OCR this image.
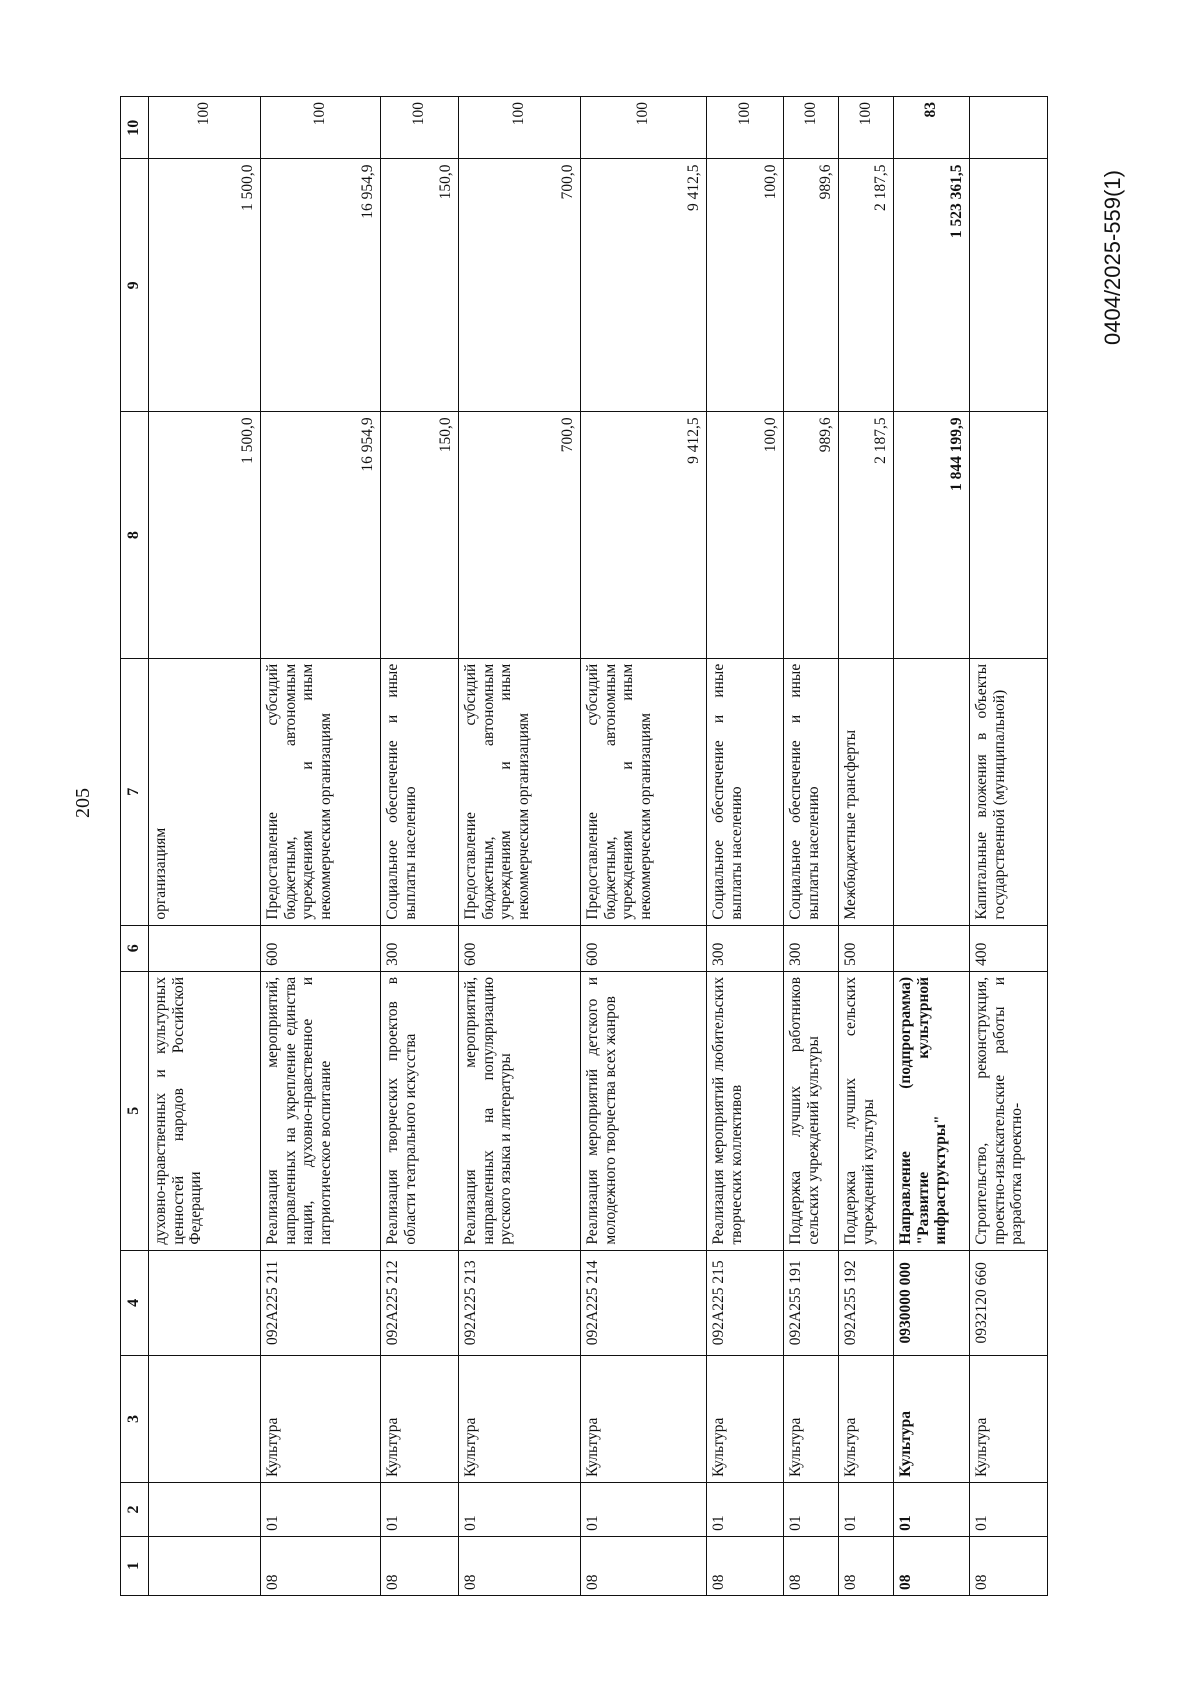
205
1	2	3	4	5	6	7	8	9	10
				духовно-нравственных и культурных ценностей народов Российской Федерации		организациям	1 500,0	1 500,0	100
08	01	Культура	092А225 211	Реализация мероприятий, направленных на укрепление единства нации, духовно-нравственное и патриотическое воспитание	600	Предоставление субсидий бюджетным, автономным учреждениям и иным некоммерческим организациям	16 954,9	16 954,9	100
08	01	Культура	092А225 212	Реализация творческих проектов в области театрального искусства	300	Социальное обеспечение и иные выплаты населению	150,0	150,0	100
08	01	Культура	092А225 213	Реализация мероприятий, направленных на популяризацию русского языка и литературы	600	Предоставление субсидий бюджетным, автономным учреждениям и иным некоммерческим организациям	700,0	700,0	100
08	01	Культура	092А225 214	Реализация мероприятий детского и молодежного творчества всех жанров	600	Предоставление субсидий бюджетным, автономным учреждениям и иным некоммерческим организациям	9 412,5	9 412,5	100
08	01	Культура	092А225 215	Реализация мероприятий любительских творческих коллективов	300	Социальное обеспечение и иные выплаты населению	100,0	100,0	100
08	01	Культура	092А255 191	Поддержка лучших работников сельских учреждений культуры	300	Социальное обеспечение и иные выплаты населению	989,6	989,6	100
08	01	Культура	092А255 192	Поддержка лучших сельских учреждений культуры	500	Межбюджетные трансферты	2 187,5	2 187,5	100
08	01	Культура	0930000 000	Направление (подпрограмма) "Развитие культурной инфраструктуры"			1 844 199,9	1 523 361,5	83
08	01	Культура	0932120 660	Строительство, реконструкция, проектно-изыскательские работы и разработка проектно-	400	Капитальные вложения в объекты государственной (муниципальной)			
0404/2025-559(1)
